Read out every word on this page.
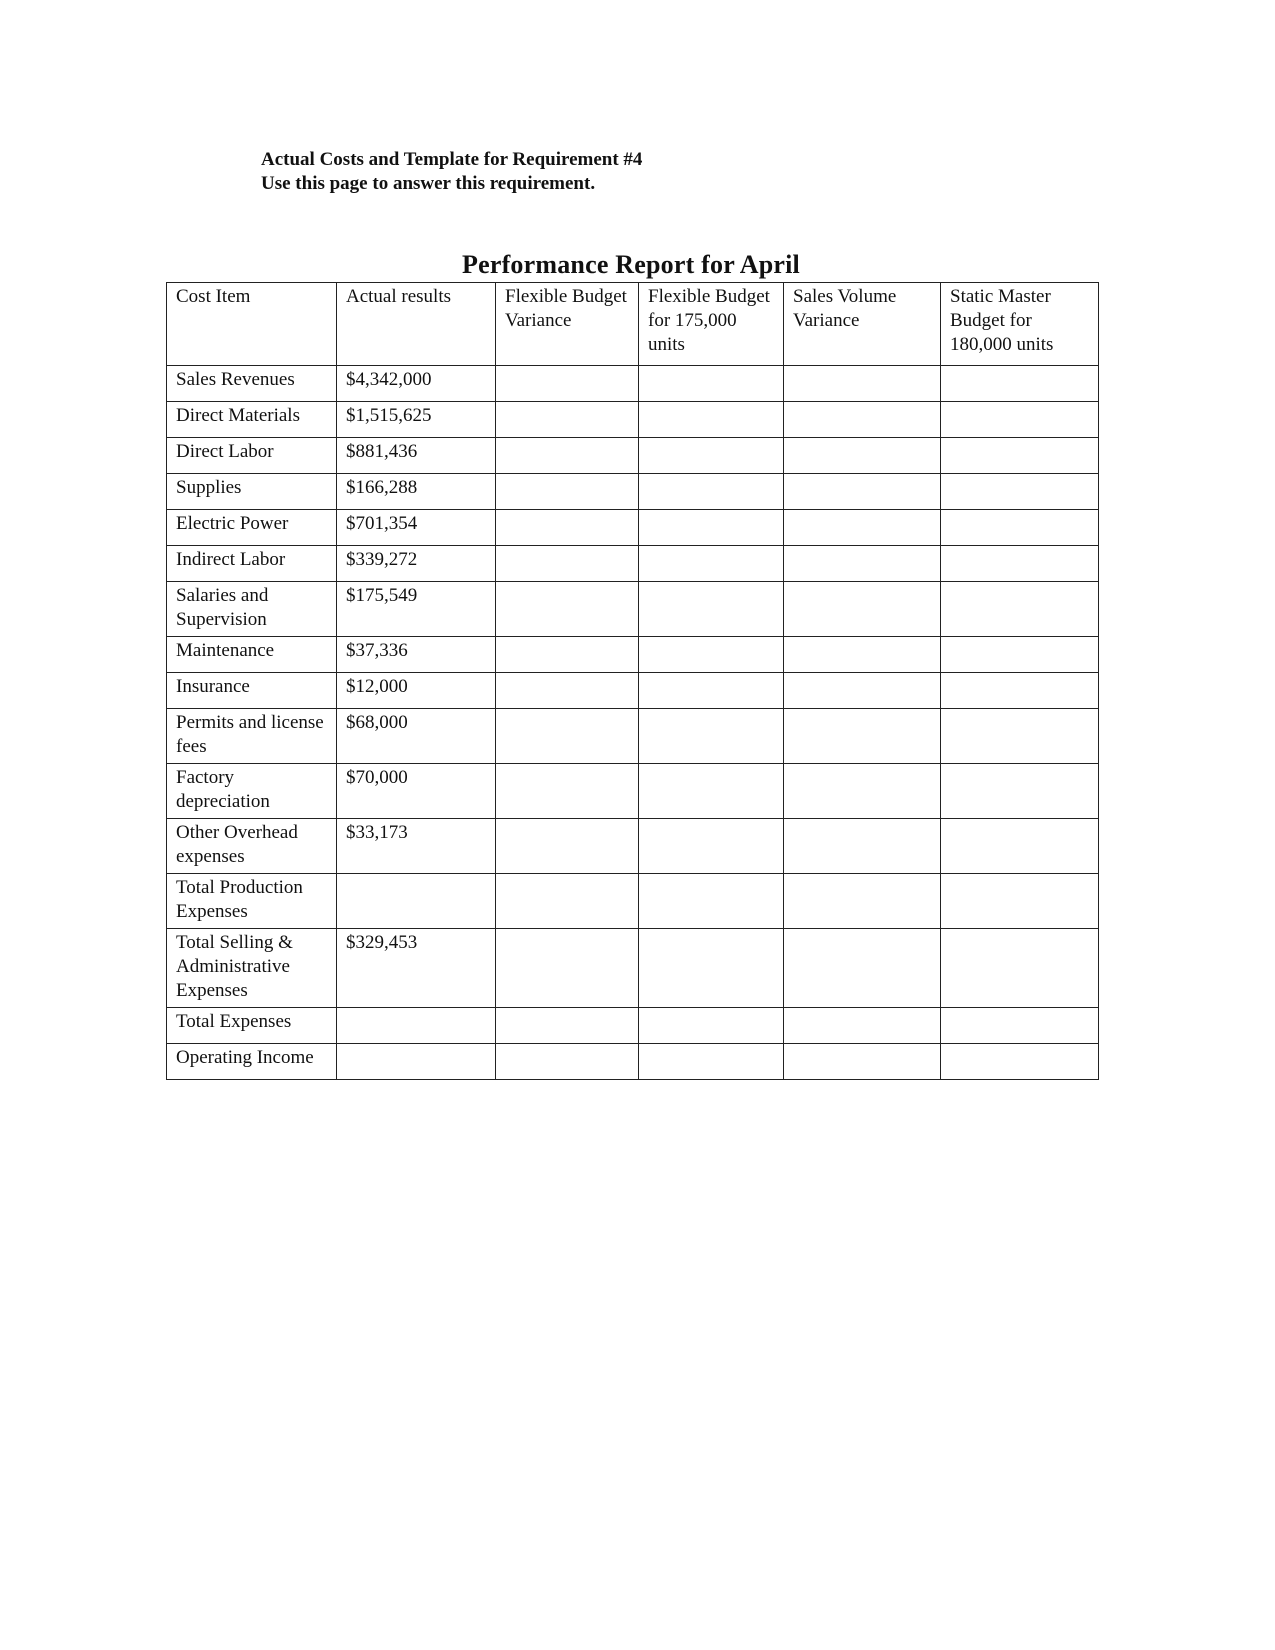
Actual Costs and Template for Requirement #4
Use this page to answer this requirement.
Performance Report for April
Cost Item	Actual results	Flexible Budget Variance	Flexible Budget for 175,000 units	Sales Volume Variance	Static Master Budget for 180,000 units
Sales Revenues	$4,342,000				
Direct Materials	$1,515,625				
Direct Labor	$881,436				
Supplies	$166,288				
Electric Power	$701,354				
Indirect Labor	$339,272				
Salaries and Supervision	$175,549				
Maintenance	$37,336				
Insurance	$12,000				
Permits and license fees	$68,000				
Factory depreciation	$70,000				
Other Overhead expenses	$33,173				
Total Production Expenses					
Total Selling & Administrative Expenses	$329,453				
Total Expenses					
Operating Income					
